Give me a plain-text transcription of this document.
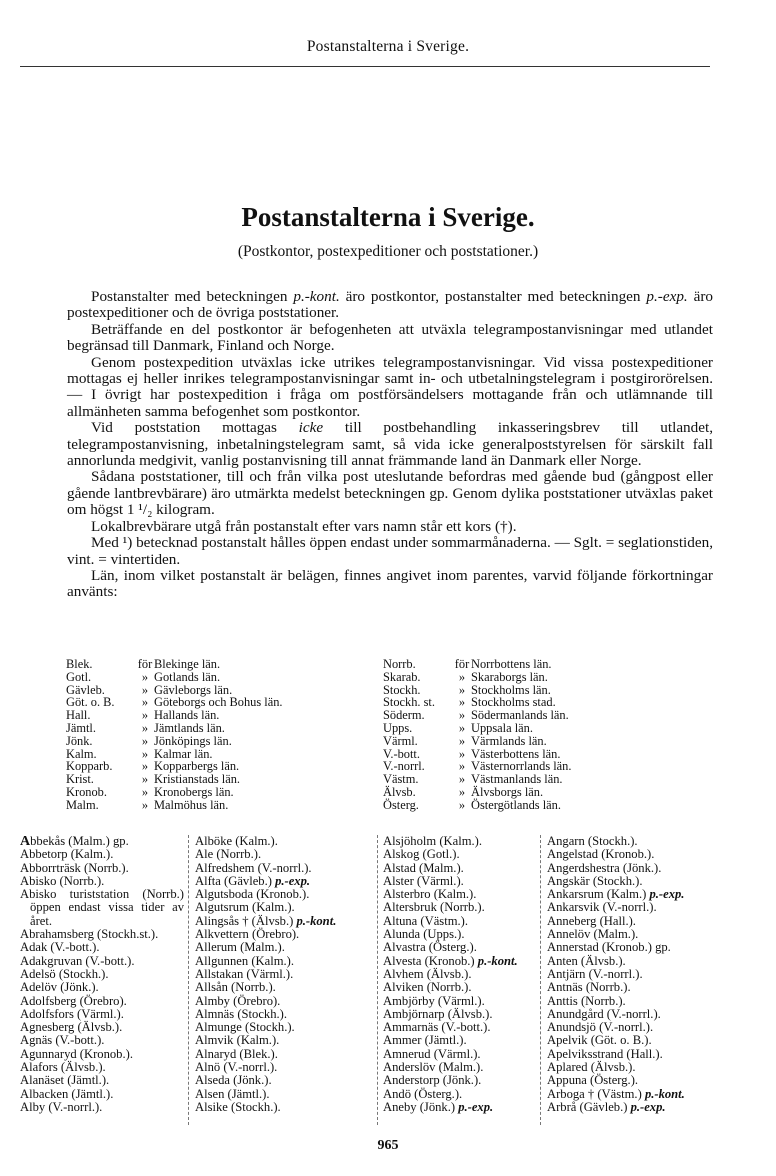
Postanstalterna i Sverige.
Postanstalterna i Sverige.
(Postkontor, postexpeditioner och poststationer.)

Postanstalter med beteckningen p.-kont. äro postkontor, postanstalter med beteckningen p.-exp. äro postexpeditioner och de övriga poststationer.

Beträffande en del postkontor är befogenheten att utväxla telegrampostanvisningar med utlandet begränsad till Danmark, Finland och Norge.

Genom postexpedition utväxlas icke utrikes telegrampostanvisningar. Vid vissa postexpeditioner mottagas ej heller inrikes telegrampostanvisningar samt in- och utbetalningstelegram i postgirorörelsen. — I övrigt har postexpedition i fråga om postförsändelsers mottagande från och utlämnande till allmänheten samma befogenhet som postkontor.

Vid poststation mottagas icke till postbehandling inkasseringsbrev till utlandet, telegrampostanvisning, inbetalningstelegram samt, så vida icke generalpoststyrelsen för särskilt fall annorlunda medgivit, vanlig postanvisning till annat främmande land än Danmark eller Norge.

Sådana poststationer, till och från vilka post uteslutande befordras med gående bud (gångpost eller gående lantbrevbärare) äro utmärkta medelst beteckningen gp. Genom dylika poststationer utväxlas paket om högst 1 ¹/₂ kilogram.

Lokalbrevbärare utgå från postanstalt efter vars namn står ett kors (†).

Med ¹) betecknad postanstalt hålles öppen endast under sommarmånaderna. — Sglt. = seglationstiden, vint. = vintertiden.

Län, inom vilket postanstalt är belägen, finnes angivet inom parentes, varvid följande förkortningar använts:

Blek.	för Blekinge län.
Gotl.	» Gotlands län.
Gävleb.	» Gävleborgs län.
Göt. o. B.	» Göteborgs och Bohus län.
Hall.	» Hallands län.
Jämtl.	» Jämtlands län.
Jönk.	» Jönköpings län.
Kalm.	» Kalmar län.
Kopparb.	» Kopparbergs län.
Krist.	» Kristianstads län.
Kronob.	» Kronobergs län.
Malm.	» Malmöhus län.
Norrb.	för Norrbottens län.
Skarab.	» Skaraborgs län.
Stockh.	» Stockholms län.
Stockh. st.	» Stockholms stad.
Söderm.	» Södermanlands län.
Upps.	» Uppsala län.
Värml.	» Värmlands län.
V.-bott.	» Västerbottens län.
V.-norrl.	» Västernorrlands län.
Västm.	» Västmanlands län.
Älvsb.	» Älvsborgs län.
Österg.	» Östergötlands län.
Abbekås (Malm.) gp.
Abbetorp (Kalm.).
Abborrträsk (Norrb.).
Abisko (Norrb.).
Abisko turiststation (Norrb.) öppen endast vissa tider av året.
Abrahamsberg (Stockh.st.).
Adak (V.-bott.).
Adakgruvan (V.-bott.).
Adelsö (Stockh.).
Adelöv (Jönk.).
Adolfsberg (Örebro).
Adolfsfors (Värml.).
Agnesberg (Älvsb.).
Agnäs (V.-bott.).
Agunnaryd (Kronob.).
Alafors (Älvsb.).
Alanäset (Jämtl.).
Albacken (Jämtl.).
Alby (V.-norrl.).
Alböke (Kalm.).
Ale (Norrb.).
Alfredshem (V.-norrl.).
Alfta (Gävleb.) p.-exp.
Algutsboda (Kronob.).
Algutsrum (Kalm.).
Alingsås † (Älvsb.) p.-kont.
Alkvettern (Örebro).
Allerum (Malm.).
Allgunnen (Kalm.).
Allstakan (Värml.).
Allsån (Norrb.).
Almby (Örebro).
Almnäs (Stockh.).
Almunge (Stockh.).
Almvik (Kalm.).
Alnaryd (Blek.).
Alnö (V.-norrl.).
Alseda (Jönk.).
Alsen (Jämtl.).
Alsike (Stockh.).
Alsjöholm (Kalm.).
Alskog (Gotl.).
Alstad (Malm.).
Alster (Värml.).
Alsterbro (Kalm.).
Altersbruk (Norrb.).
Altuna (Västm.).
Alunda (Upps.).
Alvastra (Österg.).
Alvesta (Kronob.) p.-kont.
Alvhem (Älvsb.).
Alviken (Norrb.).
Ambjörby (Värml.).
Ambjörnarp (Älvsb.).
Ammarnäs (V.-bott.).
Ammer (Jämtl.).
Amnerud (Värml.).
Anderslöv (Malm.).
Anderstorp (Jönk.).
Andö (Österg.).
Aneby (Jönk.) p.-exp.
Angarn (Stockh.).
Angelstad (Kronob.).
Angerdshestra (Jönk.).
Angskär (Stockh.).
Ankarsrum (Kalm.) p.-exp.
Ankarsvik (V.-norrl.).
Anneberg (Hall.).
Annelöv (Malm.).
Annerstad (Kronob.) gp.
Anten (Älvsb.).
Antjärn (V.-norrl.).
Antnäs (Norrb.).
Anttis (Norrb.).
Anundgård (V.-norrl.).
Anundsjö (V.-norrl.).
Apelvik (Göt. o. B.).
Apelviksstrand (Hall.).
Aplared (Älvsb.).
Appuna (Österg.).
Arboga † (Västm.) p.-kont.
Arbrå (Gävleb.) p.-exp.
965
